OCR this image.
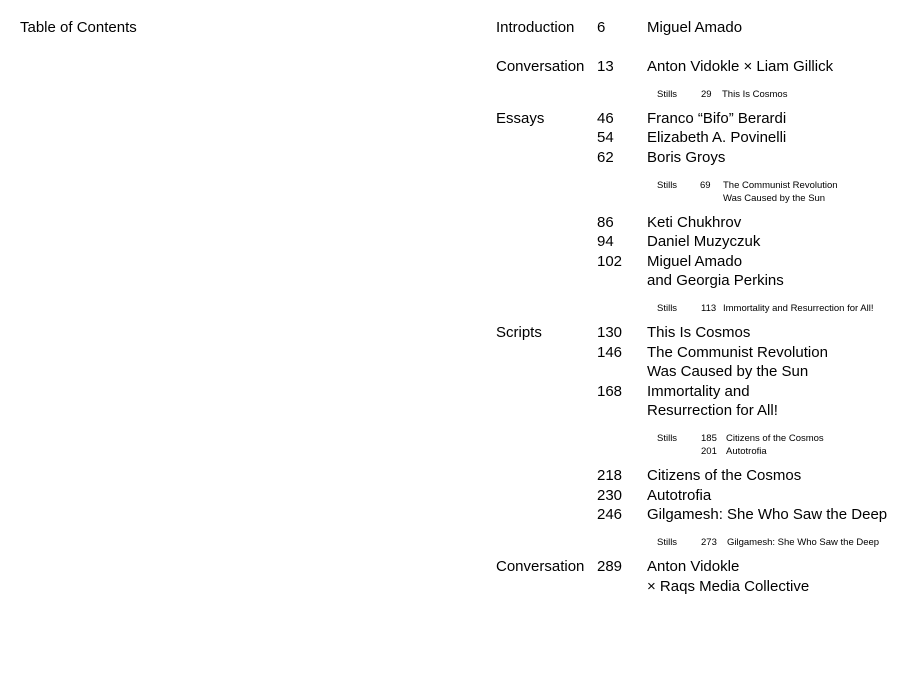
Table of Contents	Introduction 6	Miguel Amado
Conversation 13 Anton Vidokle × Liam Gillick
Stills	29 This Is Cosmos
Essays	46 Franco “Bifo” Berardi
54 Elizabeth A. Povinelli
62 Boris Groys
Stills 69 The Communist Revolution
Was Caused by the Sun
86 Keti Chukhrov
94 Daniel Muzyczuk
102 Miguel Amado
and Georgia Perkins
Stills	113 Immortality and Resurrection for All!
Scripts	130 This Is Cosmos
146 The Communist Revolution
Was Caused by the Sun
168 Immortality and
Resurrection for All!
Stills	185 Citizens of the Cosmos
201 Autotrofia
218 Citizens of the Cosmos
230 Autotrofia
246 Gilgamesh: She Who Saw the Deep
Stills	273 Gilgamesh: She Who Saw the Deep
Conversation 289 Anton Vidokle
× Raqs Media Collective
